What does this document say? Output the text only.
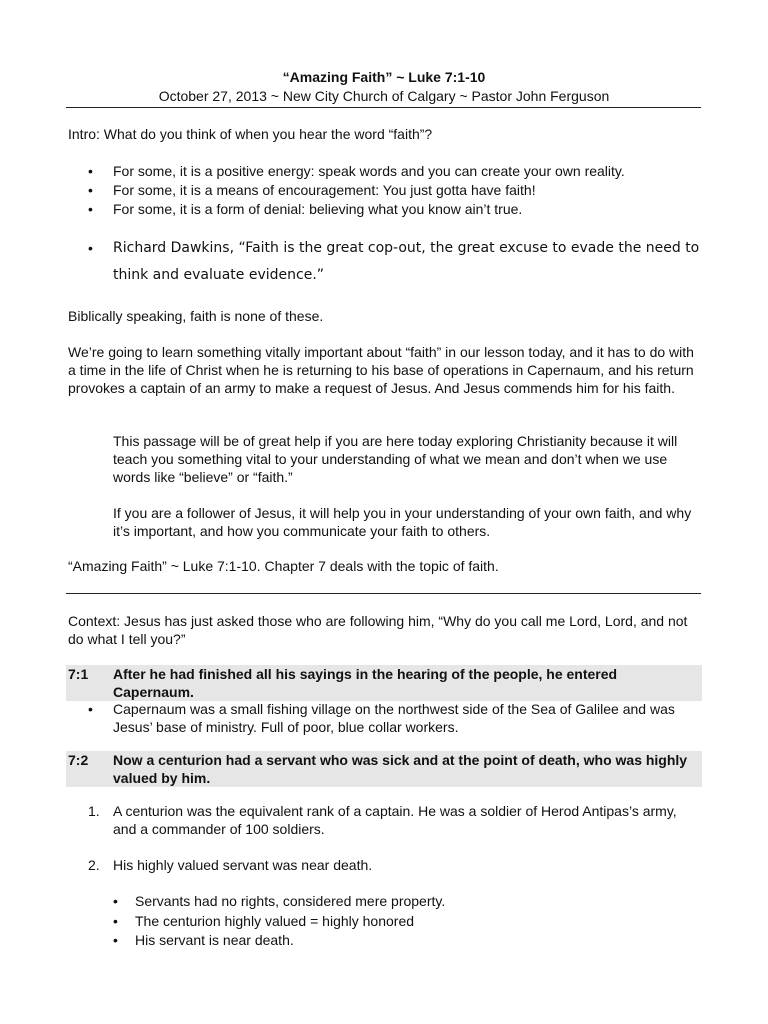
“Amazing Faith” ~ Luke 7:1-10
October 27, 2013 ~ New City Church of Calgary ~ Pastor John Ferguson
Intro: What do you think of when you hear the word “faith”?
• For some, it is a positive energy: speak words and you can create your own reality.
• For some, it is a means of encouragement: You just gotta have faith!
• For some, it is a form of denial: believing what you know ain’t true.
•	Richard Dawkins, “Faith is the great cop-out, the great excuse to evade the need to think and evaluate evidence.”
Biblically speaking, faith is none of these.
We’re going to learn something vitally important about “faith” in our lesson today, and it has to do with a time in the life of Christ when he is returning to his base of operations in Capernaum, and his return provokes a captain of an army to make a request of Jesus. And Jesus commends him for his faith.
This passage will be of great help if you are here today exploring Christianity because it will teach you something vital to your understanding of what we mean and don’t when we use words like “believe” or “faith.”
If you are a follower of Jesus, it will help you in your understanding of your own faith, and why it’s important, and how you communicate your faith to others.
“Amazing Faith” ~ Luke 7:1-10. Chapter 7 deals with the topic of faith.
Context: Jesus has just asked those who are following him, “Why do you call me Lord, Lord, and not do what I tell you?”
7:1	After he had finished all his sayings in the hearing of the people, he entered Capernaum.
• Capernaum was a small fishing village on the northwest side of the Sea of Galilee and was Jesus’ base of ministry. Full of poor, blue collar workers.
7:2	Now a centurion had a servant who was sick and at the point of death, who was highly valued by him.
1. A centurion was the equivalent rank of a captain. He was a soldier of Herod Antipas’s army, and a commander of 100 soldiers.
2. His highly valued servant was near death.
• Servants had no rights, considered mere property.
• The centurion highly valued = highly honored
• His servant is near death.
